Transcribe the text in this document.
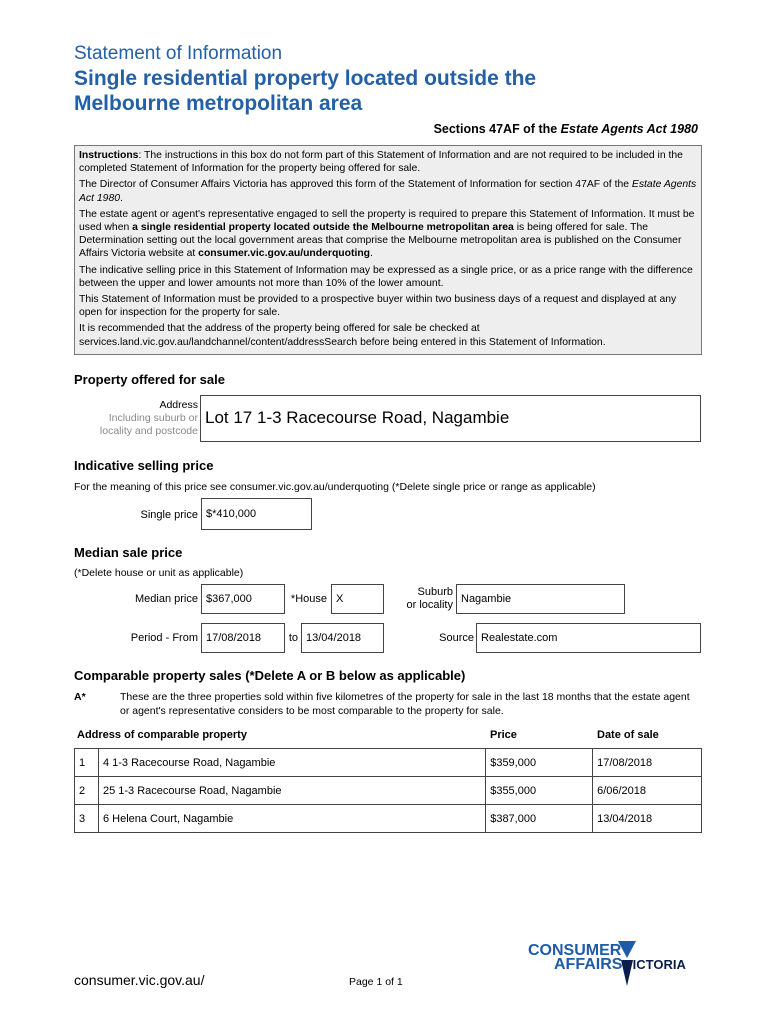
Statement of Information
Single residential property located outside the
Melbourne metropolitan area
Sections 47AF of the Estate Agents Act 1980

Instructions: The instructions in this box do not form part of this Statement of Information and are not required to be included in the completed Statement of Information for the property being offered for sale.

The Director of Consumer Affairs Victoria has approved this form of the Statement of Information for section 47AF of the Estate Agents Act 1980.

The estate agent or agent's representative engaged to sell the property is required to prepare this Statement of Information. It must be used when a single residential property located outside the Melbourne metropolitan area is being offered for sale. The Determination setting out the local government areas that comprise the Melbourne metropolitan area is published on the Consumer Affairs Victoria website at consumer.vic.gov.au/underquoting.

The indicative selling price in this Statement of Information may be expressed as a single price, or as a price range with the difference between the upper and lower amounts not more than 10% of the lower amount.

This Statement of Information must be provided to a prospective buyer within two business days of a request and displayed at any open for inspection for the property for sale.

It is recommended that the address of the property being offered for sale be checked at services.land.vic.gov.au/landchannel/content/addressSearch before being entered in this Statement of Information.

Property offered for sale
Address
Including suburb or
locality and postcode
Lot 17 1-3 Racecourse Road, Nagambie
Indicative selling price
For the meaning of this price see consumer.vic.gov.au/underquoting (*Delete single price or range as applicable)
Single price $*410,000
Median sale price
(*Delete house or unit as applicable)
Median price $367,000	*House X
Suburb
or locality Nagambie
Period - From 17/08/2018	to 13/04/2018	Source Realestate.com
Comparable property sales (*Delete A or B below as applicable)
A*	These are the three properties sold within five kilometres of the property for sale in the last 18 months that the estate agent or agent's representative considers to be most comparable to the property for sale.
Address of comparable property	Price	Date of sale
1	4 1-3 Racecourse Road, Nagambie	$359,000	17/08/2018
2	25 1-3 Racecourse Road, Nagambie	$355,000	6/06/2018
3	6 Helena Court, Nagambie	$387,000	13/04/2018
CONSUMER
AFFAIRS VICTORIA
consumer.vic.gov.au/	Page 1 of 1
